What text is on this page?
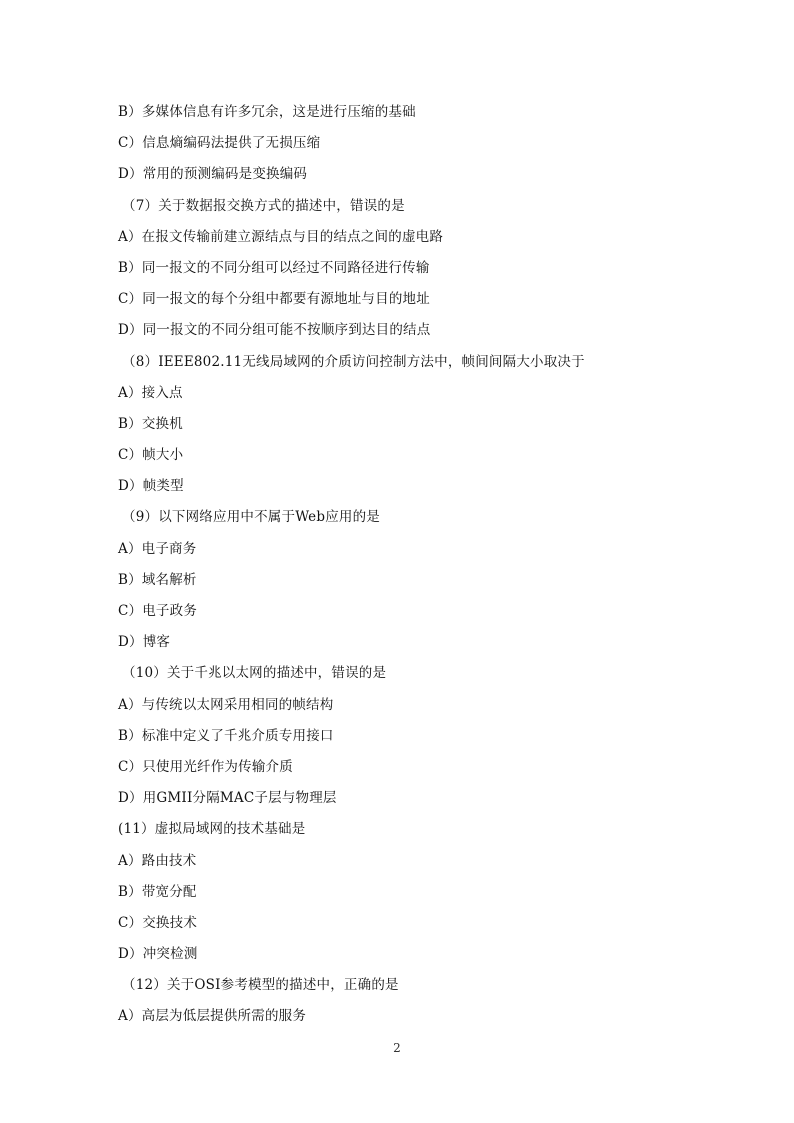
B）多媒体信息有许多冗余，这是进行压缩的基础
C）信息熵编码法提供了无损压缩
D）常用的预测编码是变换编码
（7）关于数据报交换方式的描述中，错误的是
A）在报文传输前建立源结点与目的结点之间的虚电路
B）同一报文的不同分组可以经过不同路径进行传输
C）同一报文的每个分组中都要有源地址与目的地址
D）同一报文的不同分组可能不按顺序到达目的结点
（8）IEEE802.11无线局域网的介质访问控制方法中，帧间间隔大小取决于
A）接入点
B）交换机
C）帧大小
D）帧类型
（9）以下网络应用中不属于Web应用的是
A）电子商务
B）域名解析
C）电子政务
D）博客
（10）关于千兆以太网的描述中，错误的是
A）与传统以太网采用相同的帧结构
B）标准中定义了千兆介质专用接口
C）只使用光纤作为传输介质
D）用GMII分隔MAC子层与物理层
(11）虚拟局域网的技术基础是
A）路由技术
B）带宽分配
C）交换技术
D）冲突检测
（12）关于OSI参考模型的描述中，正确的是
A）高层为低层提供所需的服务
2
